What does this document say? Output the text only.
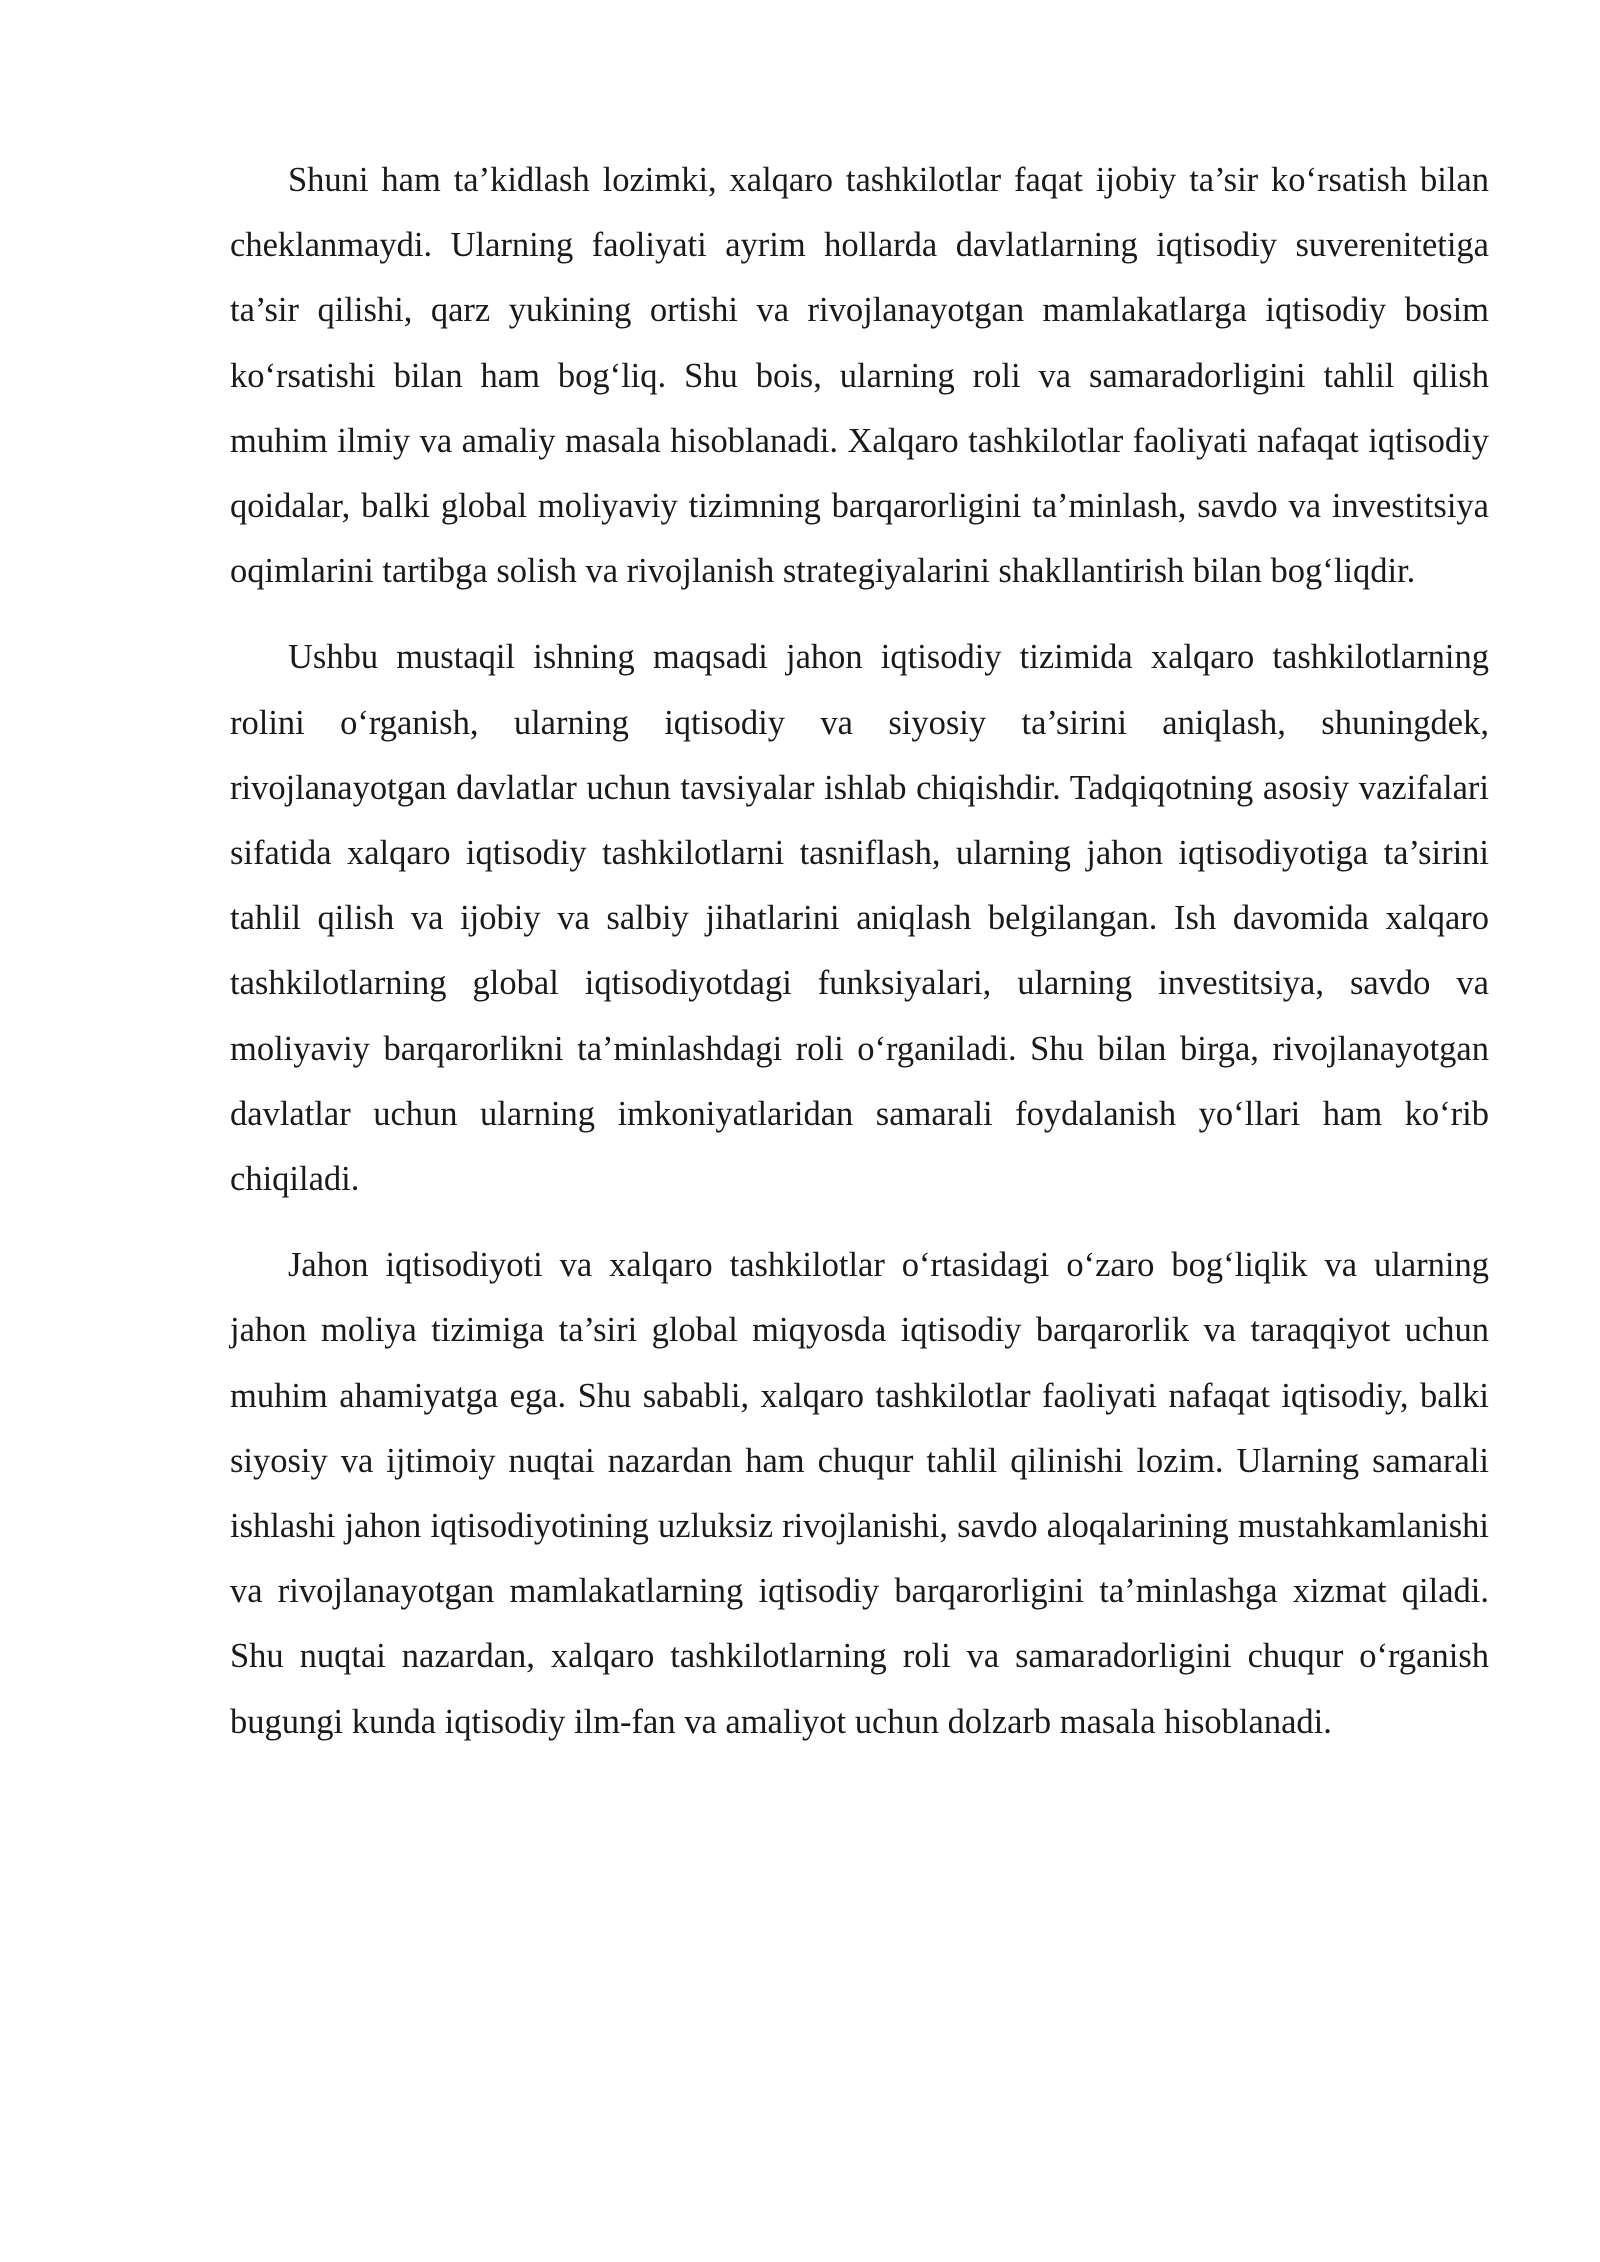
Shuni ham ta’kidlash lozimki, xalqaro tashkilotlar faqat ijobiy ta’sir ko‘rsatish bilan cheklanmaydi. Ularning faoliyati ayrim hollarda davlatlarning iqtisodiy suverenitetiga ta’sir qilishi, qarz yukining ortishi va rivojlanayotgan mamlakatlarga iqtisodiy bosim ko‘rsatishi bilan ham bog‘liq. Shu bois, ularning roli va samaradorligini tahlil qilish muhim ilmiy va amaliy masala hisoblanadi. Xalqaro tashkilotlar faoliyati nafaqat iqtisodiy qoidalar, balki global moliyaviy tizimning barqarorligini ta’minlash, savdo va investitsiya oqimlarini tartibga solish va rivojlanish strategiyalarini shakllantirish bilan bog‘liqdir.

Ushbu mustaqil ishning maqsadi jahon iqtisodiy tizimida xalqaro tashkilotlarning rolini o‘rganish, ularning iqtisodiy va siyosiy ta’sirini aniqlash, shuningdek, rivojlanayotgan davlatlar uchun tavsiyalar ishlab chiqishdir. Tadqiqotning asosiy vazifalari sifatida xalqaro iqtisodiy tashkilotlarni tasniflash, ularning jahon iqtisodiyotiga ta’sirini tahlil qilish va ijobiy va salbiy jihatlarini aniqlash belgilangan. Ish davomida xalqaro tashkilotlarning global iqtisodiyotdagi funksiyalari, ularning investitsiya, savdo va moliyaviy barqarorlikni ta’minlashdagi roli o‘rganiladi. Shu bilan birga, rivojlanayotgan davlatlar uchun ularning imkoniyatlaridan samarali foydalanish yo‘llari ham ko‘rib chiqiladi.

Jahon iqtisodiyoti va xalqaro tashkilotlar o‘rtasidagi o‘zaro bog‘liqlik va ularning jahon moliya tizimiga ta’siri global miqyosda iqtisodiy barqarorlik va taraqqiyot uchun muhim ahamiyatga ega. Shu sababli, xalqaro tashkilotlar faoliyati nafaqat iqtisodiy, balki siyosiy va ijtimoiy nuqtai nazardan ham chuqur tahlil qilinishi lozim. Ularning samarali ishlashi jahon iqtisodiyotining uzluksiz rivojlanishi, savdo aloqalarining mustahkamlanishi va rivojlanayotgan mamlakatlarning iqtisodiy barqarorligini ta’minlashga xizmat qiladi. Shu nuqtai nazardan, xalqaro tashkilotlarning roli va samaradorligini chuqur o‘rganish bugungi kunda iqtisodiy ilm-fan va amaliyot uchun dolzarb masala hisoblanadi.
